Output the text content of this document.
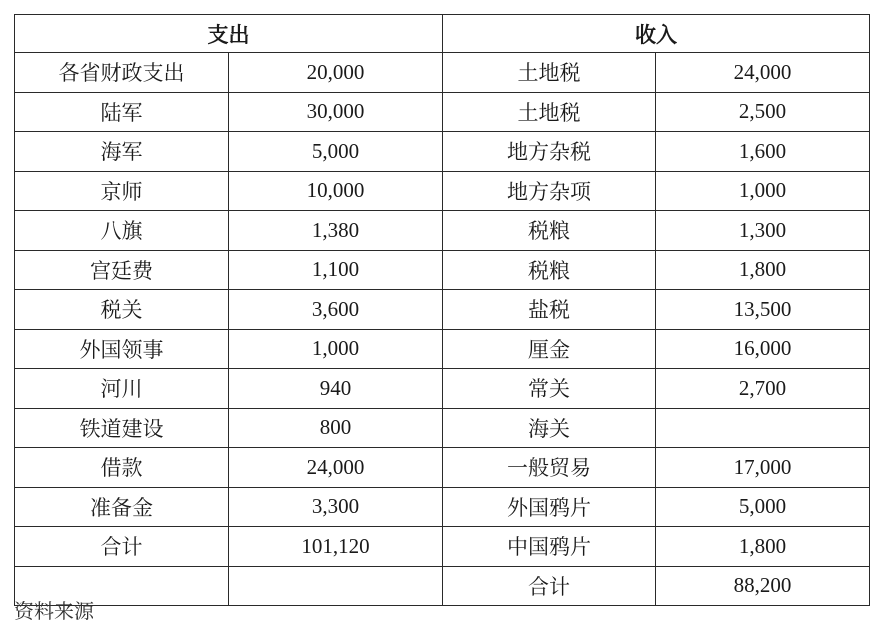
支出		收入	
各省财政支出	20,000	土地税	24,000
陆军	30,000	土地税	2,500
海军	5,000	地方杂税	1,600
京师	10,000	地方杂项	1,000
八旗	1,380	税粮	1,300
宫廷费	1,100	税粮	1,800
税关	3,600	盐税	13,500
外国领事	1,000	厘金	16,000
河川	940	常关	2,700
铁道建设	800	海关	
借款	24,000	一般贸易	17,000
准备金	3,300	外国鸦片	5,000
合计	101,120	中国鸦片	1,800
		合计	88,200
资料来源
